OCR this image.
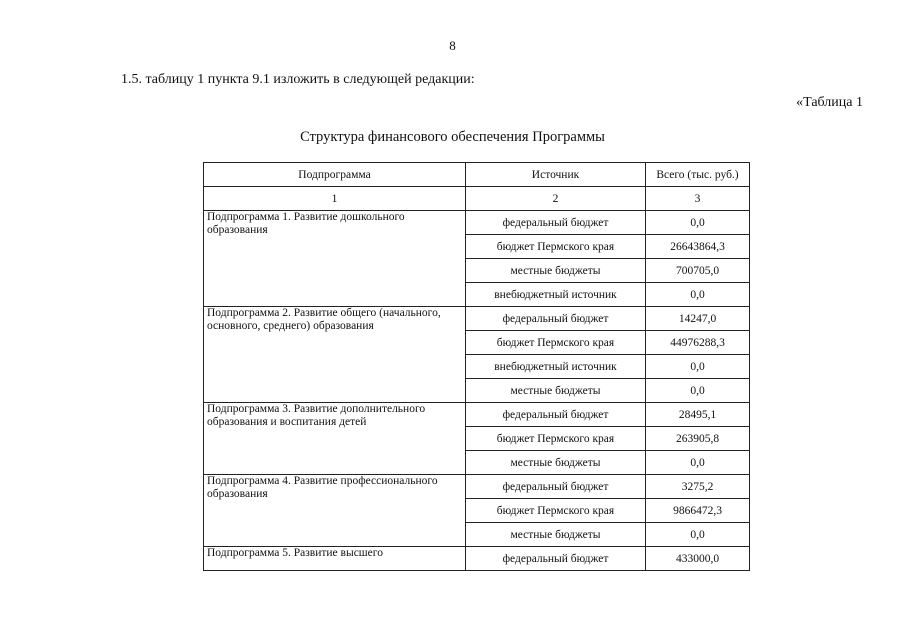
8
1.5. таблицу 1 пункта 9.1 изложить в следующей редакции:
«Таблица 1
Структура финансового обеспечения Программы
Подпрограмма	Источник	Всего (тыс. руб.)
1	2	3
Подпрограмма 1. Развитие дошкольного образования	федеральный бюджет	0,0
	бюджет Пермского края	26643864,3
	местные бюджеты	700705,0
	внебюджетный источник	0,0
Подпрограмма 2. Развитие общего (начального, основного, среднего) образования	федеральный бюджет	14247,0
	бюджет Пермского края	44976288,3
	внебюджетный источник	0,0
	местные бюджеты	0,0
Подпрограмма 3. Развитие дополнительного образования и воспитания детей	федеральный бюджет	28495,1
	бюджет Пермского края	263905,8
	местные бюджеты	0,0
Подпрограмма 4. Развитие профессионального образования	федеральный бюджет	3275,2
	бюджет Пермского края	9866472,3
	местные бюджеты	0,0
Подпрограмма 5. Развитие высшего	федеральный бюджет	433000,0
